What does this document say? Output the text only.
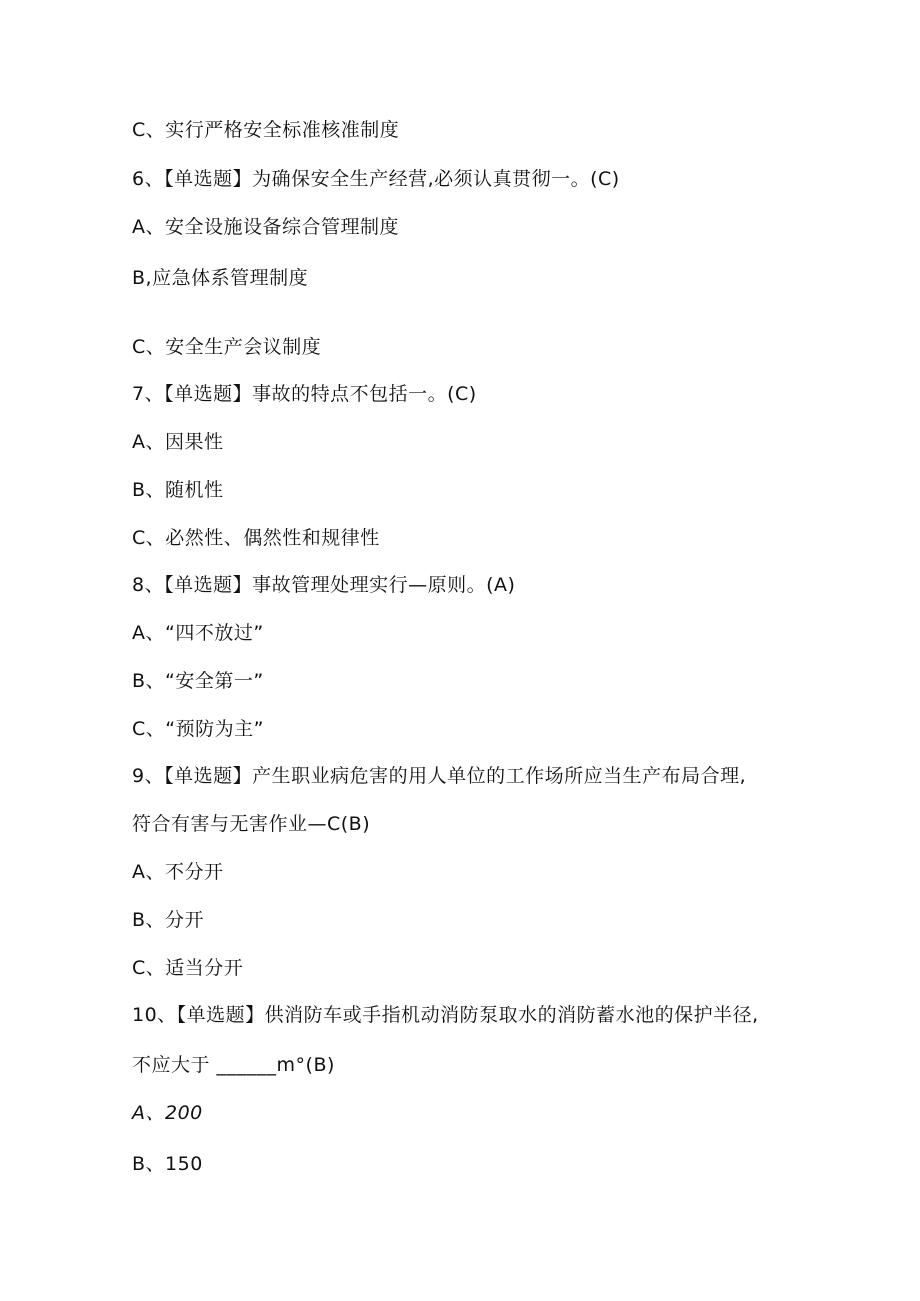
C、实行严格安全标准核准制度
6、【单选题】为确保安全生产经营,必须认真贯彻一。(C)
A、安全设施设备综合管理制度
B,应急体系管理制度
C、安全生产会议制度
7、【单选题】事故的特点不包括一。(C)
A、因果性
B、随机性
C、必然性、偶然性和规律性
8、【单选题】事故管理处理实行—原则。(A)
A、“四不放过”
B、“安全第一”
C、“预防为主”
9、【单选题】产生职业病危害的用人单位的工作场所应当生产布局合理,
符合有害与无害作业—C(B)
A、不分开
B、分开
C、适当分开
10、【单选题】供消防车或手指机动消防泵取水的消防蓄水池的保护半径,
不应大于 ______m°(B)
A、200
B、150
